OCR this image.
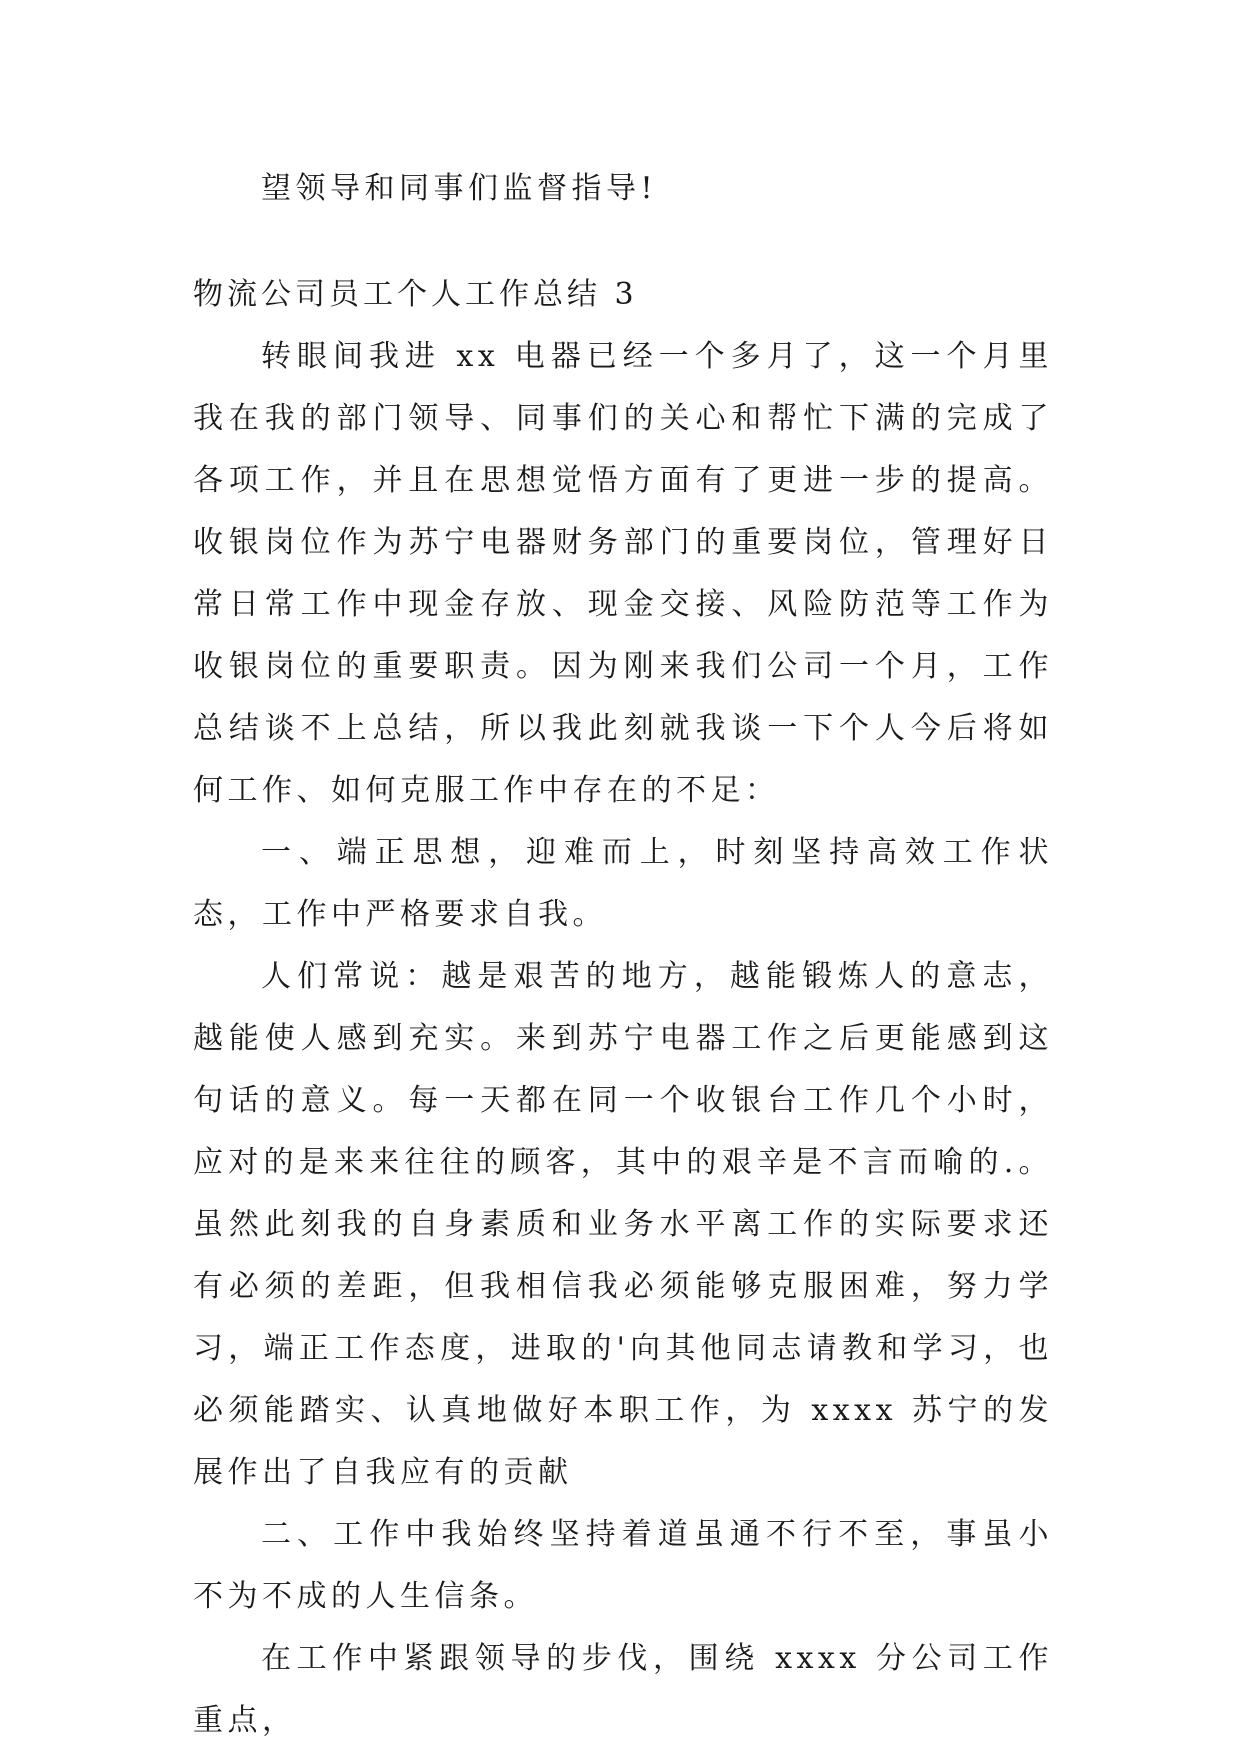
望领导和同事们监督指导!

物流公司员工个人工作总结 3

转眼间我进 xx 电器已经一个多月了，这一个月里我在我的部门领导、同事们的关心和帮忙下满的完成了各项工作，并且在思想觉悟方面有了更进一步的提高。收银岗位作为苏宁电器财务部门的重要岗位，管理好日常日常工作中现金存放、现金交接、风险防范等工作为收银岗位的重要职责。因为刚来我们公司一个月，工作总结谈不上总结，所以我此刻就我谈一下个人今后将如何工作、如何克服工作中存在的不足：

一、端正思想，迎难而上，时刻坚持高效工作状态，工作中严格要求自我。

人们常说：越是艰苦的地方，越能锻炼人的意志，越能使人感到充实。来到苏宁电器工作之后更能感到这句话的意义。每一天都在同一个收银台工作几个小时，应对的是来来往往的顾客，其中的艰辛是不言而喻的.。虽然此刻我的自身素质和业务水平离工作的实际要求还有必须的差距，但我相信我必须能够克服困难，努力学习，端正工作态度，进取的'向其他同志请教和学习，也必须能踏实、认真地做好本职工作，为 xxxx 苏宁的发展作出了自我应有的贡献

二、工作中我始终坚持着道虽通不行不至，事虽小不为不成的人生信条。

在工作中紧跟领导的步伐，围绕 xxxx 分公司工作重点，
